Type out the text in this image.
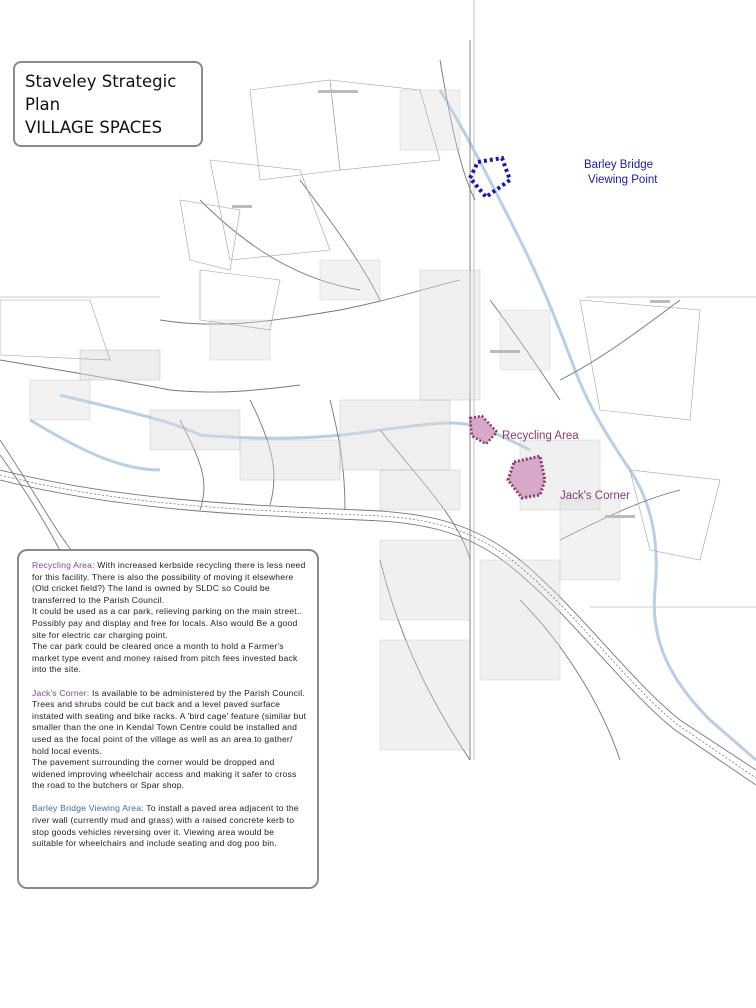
Staveley Strategic
Plan
VILLAGE SPACES
Barley Bridge
Viewing Point
Recycling Area
Jack's Corner

Recycling Area: With increased kerbside recycling there is less need for this facility. There is also the possibility of moving it elsewhere (Old cricket field?) The land is owned by SLDC so Could be transferred to the Parish Council.
It could be used as a car park, relieving parking on the main street.. Possibly pay and display and free for locals. Also would Be a good site for electric car charging point.
The car park could be cleared once a month to hold a Farmer's market type event and money raised from pitch fees invested back into the site.

Jack's Corner: Is available to be administered by the Parish Council. Trees and shrubs could be cut back and a level paved surface instated with seating and bike racks. A 'bird cage' feature (similar but smaller than the one in Kendal Town Centre could be installed and used as the focal point of the village as well as an area to gather/ hold local events.
The pavement surrounding the corner would be dropped and widened improving wheelchair access and making it safer to cross the road to the butchers or Spar shop.

Barley Bridge Viewing Area: To install a paved area adjacent to the river wall (currently mud and grass) with a raised concrete kerb to stop goods vehicles reversing over it. Viewing area would be suitable for wheelchairs and include seating and dog poo bin.
